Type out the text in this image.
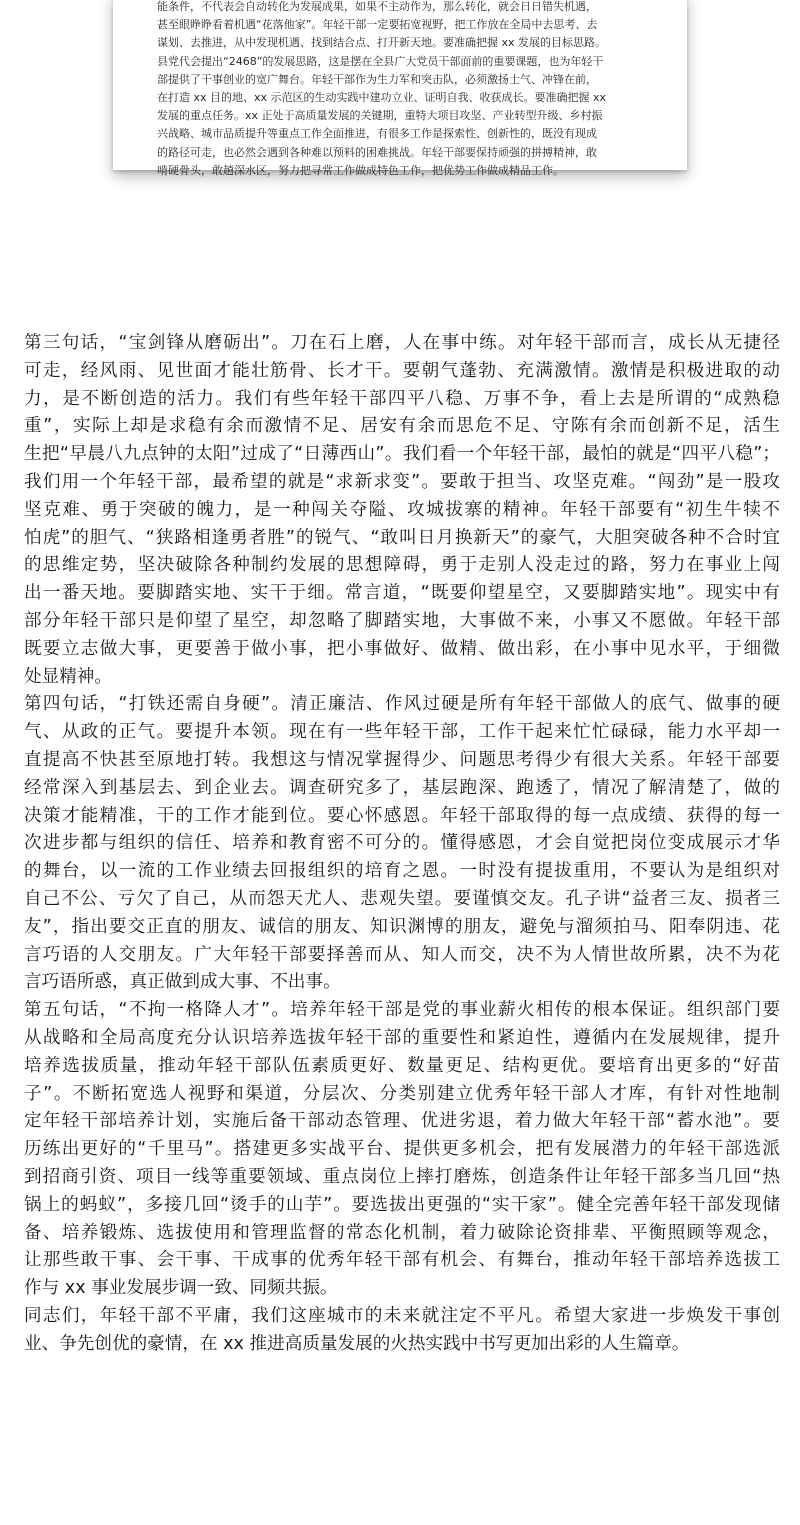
能条件，不代表会自动转化为发展成果，如果不主动作为，那么转化，就会日日错失机遇，
甚至眼睁睁看着机遇“花落他家”。年轻干部一定要拓宽视野，把工作放在全局中去思考、去
谋划、去推进，从中发现机遇、找到结合点、打开新天地。要准确把握 xx 发展的目标思路。
县党代会提出“2468”的发展思路，这是摆在全县广大党员干部面前的重要课题，也为年轻干
部提供了干事创业的宽广舞台。年轻干部作为生力军和突击队，必须激扬士气、冲锋在前，
在打造 xx 目的地、xx 示范区的生动实践中建功立业、证明自我、收获成长。要准确把握 xx
发展的重点任务。xx 正处于高质量发展的关键期，重特大项目攻坚、产业转型升级、乡村振
兴战略、城市品质提升等重点工作全面推进，有很多工作是探索性、创新性的，既没有现成
的路径可走，也必然会遇到各种难以预料的困难挑战。年轻干部要保持顽强的拼搏精神，敢
啃硬骨头，敢趟深水区，努力把寻常工作做成特色工作，把优势工作做成精品工作。
第三句话，“宝剑锋从磨砺出”。刀在石上磨，人在事中练。对年轻干部而言，成长从无捷径
可走，经风雨、见世面才能壮筋骨、长才干。要朝气蓬勃、充满激情。激情是积极进取的动
力，是不断创造的活力。我们有些年轻干部四平八稳、万事不争，看上去是所谓的“成熟稳
重”，实际上却是求稳有余而激情不足、居安有余而思危不足、守陈有余而创新不足，活生
生把“早晨八九点钟的太阳”过成了“日薄西山”。我们看一个年轻干部，最怕的就是“四平八稳”；
我们用一个年轻干部，最希望的就是“求新求变”。要敢于担当、攻坚克难。“闯劲”是一股攻
坚克难、勇于突破的魄力，是一种闯关夺隘、攻城拔寨的精神。年轻干部要有“初生牛犊不
怕虎”的胆气、“狭路相逢勇者胜”的锐气、“敢叫日月换新天”的豪气，大胆突破各种不合时宜
的思维定势，坚决破除各种制约发展的思想障碍，勇于走别人没走过的路，努力在事业上闯
出一番天地。要脚踏实地、实干于细。常言道，“既要仰望星空，又要脚踏实地”。现实中有
部分年轻干部只是仰望了星空，却忽略了脚踏实地，大事做不来，小事又不愿做。年轻干部
既要立志做大事，更要善于做小事，把小事做好、做精、做出彩，在小事中见水平，于细微
处显精神。
第四句话，“打铁还需自身硬”。清正廉洁、作风过硬是所有年轻干部做人的底气、做事的硬
气、从政的正气。要提升本领。现在有一些年轻干部，工作干起来忙忙碌碌，能力水平却一
直提高不快甚至原地打转。我想这与情况掌握得少、问题思考得少有很大关系。年轻干部要
经常深入到基层去、到企业去。调查研究多了，基层跑深、跑透了，情况了解清楚了，做的
决策才能精准，干的工作才能到位。要心怀感恩。年轻干部取得的每一点成绩、获得的每一
次进步都与组织的信任、培养和教育密不可分的。懂得感恩，才会自觉把岗位变成展示才华
的舞台，以一流的工作业绩去回报组织的培育之恩。一时没有提拔重用，不要认为是组织对
自己不公、亏欠了自己，从而怨天尤人、悲观失望。要谨慎交友。孔子讲“益者三友、损者三
友”，指出要交正直的朋友、诚信的朋友、知识渊博的朋友，避免与溜须拍马、阳奉阴违、花
言巧语的人交朋友。广大年轻干部要择善而从、知人而交，决不为人情世故所累，决不为花
言巧语所惑，真正做到成大事、不出事。
第五句话，“不拘一格降人才”。培养年轻干部是党的事业薪火相传的根本保证。组织部门要
从战略和全局高度充分认识培养选拔年轻干部的重要性和紧迫性，遵循内在发展规律，提升
培养选拔质量，推动年轻干部队伍素质更好、数量更足、结构更优。要培育出更多的“好苗
子”。不断拓宽选人视野和渠道，分层次、分类别建立优秀年轻干部人才库，有针对性地制
定年轻干部培养计划，实施后备干部动态管理、优进劣退，着力做大年轻干部“蓄水池”。要
历练出更好的“千里马”。搭建更多实战平台、提供更多机会，把有发展潜力的年轻干部选派
到招商引资、项目一线等重要领域、重点岗位上摔打磨炼，创造条件让年轻干部多当几回“热
锅上的蚂蚁”，多接几回“烫手的山芋”。要选拔出更强的“实干家”。健全完善年轻干部发现储
备、培养锻炼、选拔使用和管理监督的常态化机制，着力破除论资排辈、平衡照顾等观念，
让那些敢干事、会干事、干成事的优秀年轻干部有机会、有舞台，推动年轻干部培养选拔工
作与 xx 事业发展步调一致、同频共振。
同志们，年轻干部不平庸，我们这座城市的未来就注定不平凡。希望大家进一步焕发干事创
业、争先创优的豪情，在 xx 推进高质量发展的火热实践中书写更加出彩的人生篇章。
